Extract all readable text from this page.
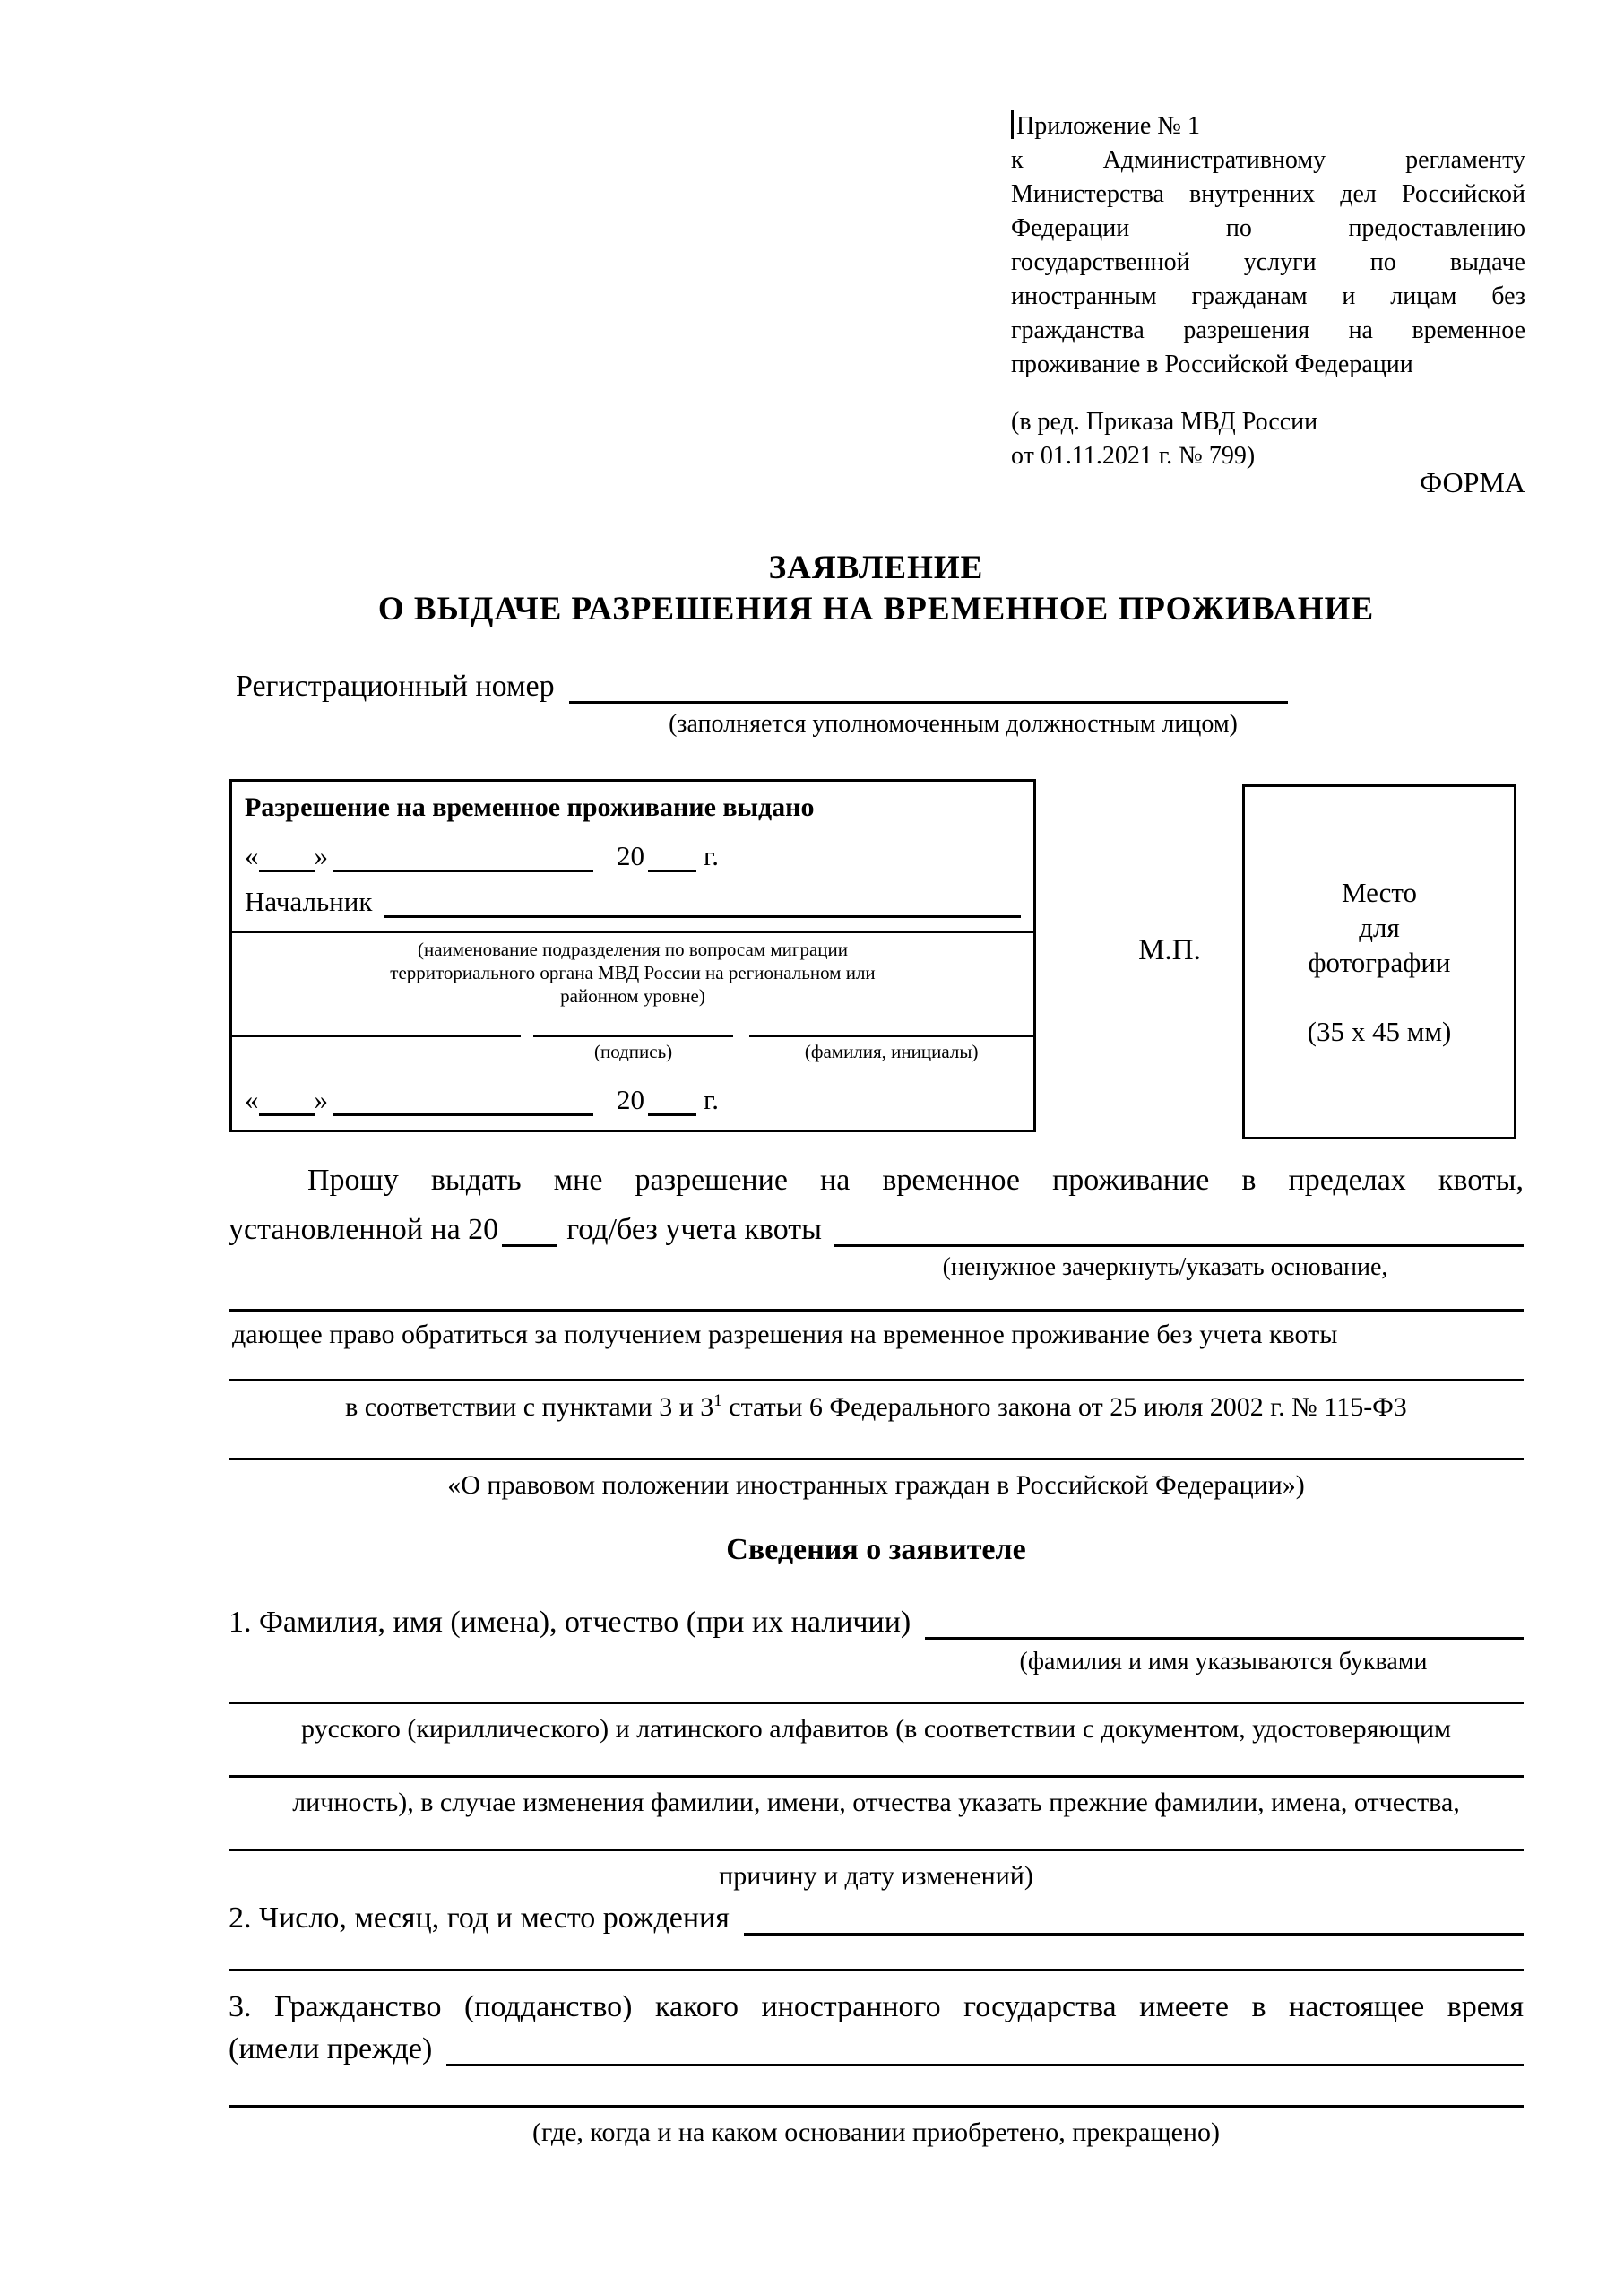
Приложение № 1
к Административному регламенту
Министерства внутренних дел Российской
Федерации по предоставлению
государственной услуги по выдаче
иностранным гражданам и лицам без
гражданства разрешения на временное
проживание в Российской Федерации
(в ред. Приказа МВД России
от 01.11.2021 г. № 799)
ФОРМА
ЗАЯВЛЕНИЕ
О ВЫДАЧЕ РАЗРЕШЕНИЯ НА ВРЕМЕННОЕ ПРОЖИВАНИЕ
Регистрационный номер
(заполняется уполномоченным должностным лицом)
Разрешение на временное проживание выдано
« »	20 г.
Начальник
(наименование подразделения по вопросам миграции
территориального органа МВД России на региональном или
районном уровне)
(подпись)	(фамилия, инициалы)
« »	20 г.
М.П.
Место
для
фотографии
(35 x 45 мм)
Прошу выдать мне разрешение на временное проживание в пределах квоты,
установленной на 20 год/без учета квоты
(ненужное зачеркнуть/указать основание,
дающее право обратиться за получением разрешения на временное проживание без учета квоты
в соответствии с пунктами 3 и $3^1$ статьи 6 Федерального закона от 25 июля 2002 г. № 115-ФЗ
«О правовом положении иностранных граждан в Российской Федерации»)
Сведения о заявителе
1. Фамилия, имя (имена), отчество (при их наличии)
(фамилия и имя указываются буквами
русского (кириллического) и латинского алфавитов (в соответствии с документом, удостоверяющим
личность), в случае изменения фамилии, имени, отчества указать прежние фамилии, имена, отчества,
причину и дату изменений)
2. Число, месяц, год и место рождения
3. Гражданство (подданство) какого иностранного государства имеете в настоящее время
(имели прежде)
(где, когда и на каком основании приобретено, прекращено)
